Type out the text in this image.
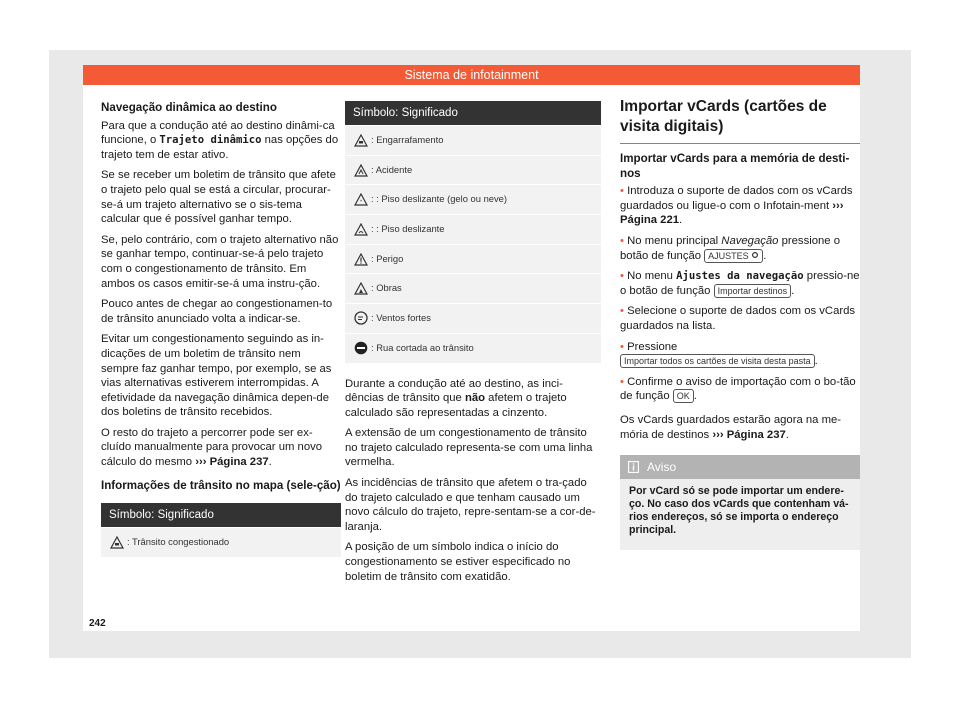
Sistema de infotainment
Navegação dinâmica ao destino

Para que a condução até ao destino dinâmi-ca funcione, o Trajeto dinâmico nas opções do trajeto tem de estar ativo.

Se se receber um boletim de trânsito que afete o trajeto pelo qual se está a circular, procurar-se-á um trajeto alternativo se o sis-tema calcular que é possível ganhar tempo.

Se, pelo contrário, com o trajeto alternativo não se ganhar tempo, continuar-se-á pelo trajeto com o congestionamento de trânsito. Em ambos os casos emitir-se-á uma instru-ção.

Pouco antes de chegar ao congestionamen-to de trânsito anunciado volta a indicar-se.

Evitar um congestionamento seguindo as in-dicações de um boletim de trânsito nem sempre faz ganhar tempo, por exemplo, se as vias alternativas estiverem interrompidas. A efetividade da navegação dinâmica depen-de dos boletins de trânsito recebidos.

O resto do trajeto a percorrer pode ser ex-cluído manualmente para provocar um novo cálculo do mesmo ››› Página 237.

Informações de trânsito no mapa (sele-ção)
Símbolo: Significado
: Trânsito congestionado
Símbolo: Significado
: Engarrafamento
: Acidente
* : : Piso deslizante (gelo ou neve)
: : Piso deslizante
: Perigo
: Obras
: Ventos fortes
: Rua cortada ao trânsito

Durante a condução até ao destino, as inci-dências de trânsito que não afetem o trajeto calculado são representadas a cinzento.

A extensão de um congestionamento de trânsito no trajeto calculado representa-se com uma linha vermelha.

As incidências de trânsito que afetem o tra-çado do trajeto calculado e que tenham causado um novo cálculo do trajeto, repre-sentam-se a cor-de-laranja.

A posição de um símbolo indica o início do congestionamento se estiver especificado no boletim de trânsito com exatidão.

Importar vCards (cartões de visita digitais)
Importar vCards para a memória de desti-nos

• Introduza o suporte de dados com os vCards guardados ou ligue-o com o Infotain-ment ››› Página 221.

• No menu principal Navegação pressione o botão de função AJUSTES .

• No menu Ajustes da navegação pressio-ne o botão de função Importar destinos .

• Selecione o suporte de dados com os vCards guardados na lista.

• Pressione
Importar todos os cartões de visita desta pasta .

• Confirme o aviso de importação com o bo-tão de função OK .

Os vCards guardados estarão agora na me-mória de destinos ››› Página 237.

Aviso
Por vCard só se pode importar um endere-ço. No caso dos vCards que contenham vá-rios endereços, só se importa o endereço principal.
242
